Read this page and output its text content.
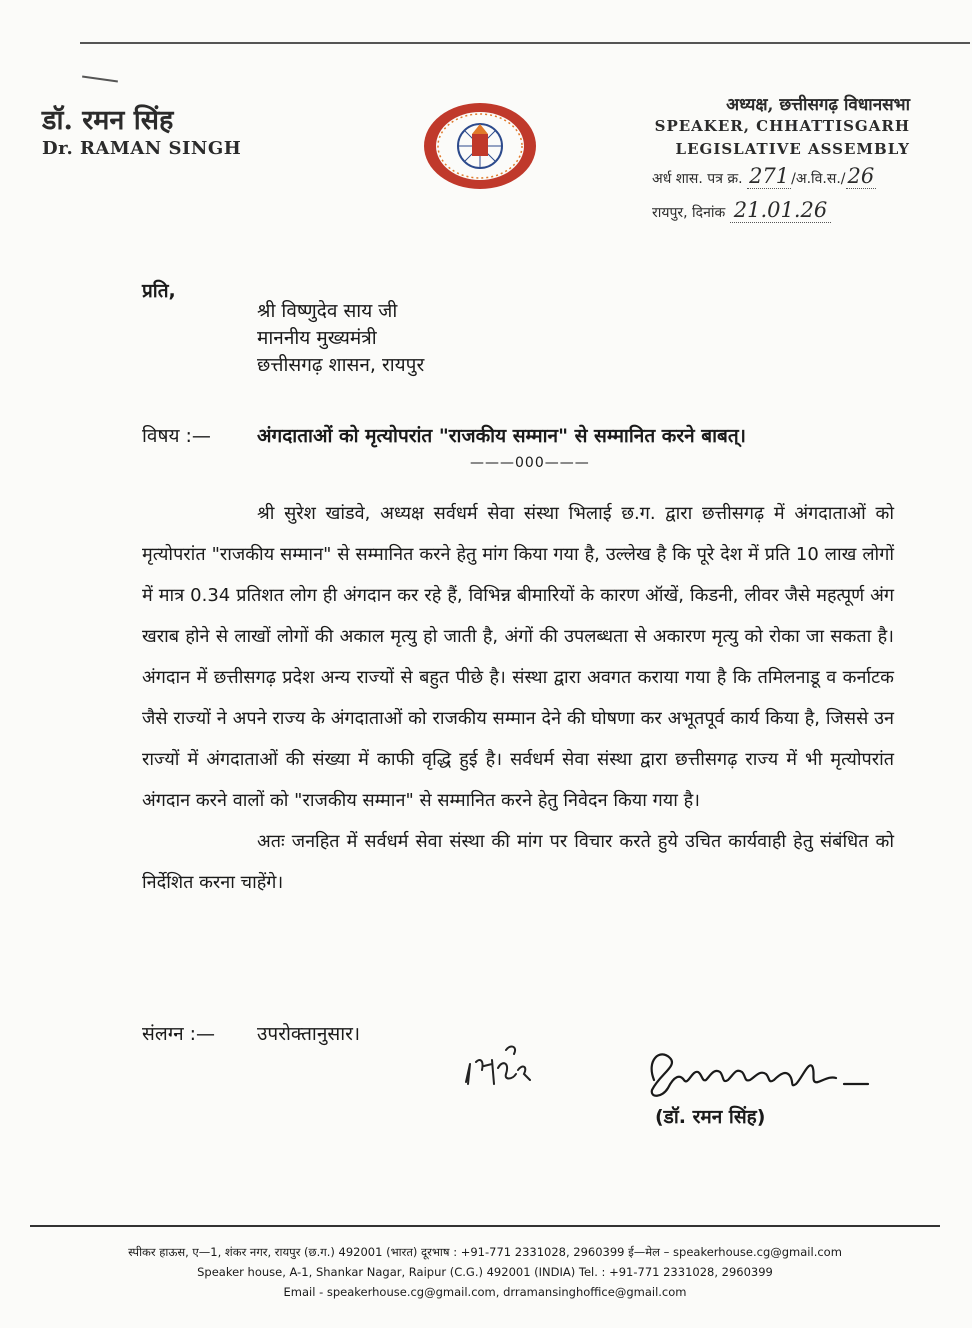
डॉ. रमन सिंह
Dr. RAMAN SINGH
अध्यक्ष, छत्तीसगढ़ विधानसभा
SPEAKER, CHHATTISGARH
LEGISLATIVE ASSEMBLY
अर्ध शास. पत्र क्र. 271 /अ.वि.स./26
रायपुर, दिनांक 21.01.26
प्रति,
श्री विष्णुदेव साय जी
माननीय मुख्यमंत्री
छत्तीसगढ़ शासन, रायपुर
विषय :— अंगदाताओं को मृत्योपरांत "राजकीय सम्मान" से सम्मानित करने बाबत्।
———000———

श्री सुरेश खांडवे, अध्यक्ष सर्वधर्म सेवा संस्था भिलाई छ.ग. द्वारा छत्तीसगढ़ में अंगदाताओं को मृत्योपरांत "राजकीय सम्मान" से सम्मानित करने हेतु मांग किया गया है, उल्लेख है कि पूरे देश में प्रति 10 लाख लोगों में मात्र 0.34 प्रतिशत लोग ही अंगदान कर रहे हैं, विभिन्न बीमारियों के कारण ऑखें, किडनी, लीवर जैसे महत्पूर्ण अंग खराब होने से लाखों लोगों की अकाल मृत्यु हो जाती है, अंगों की उपलब्धता से अकारण मृत्यु को रोका जा सकता है। अंगदान में छत्तीसगढ़ प्रदेश अन्य राज्यों से बहुत पीछे है। संस्था द्वारा अवगत कराया गया है कि तमिलनाडू व कर्नाटक जैसे राज्यों ने अपने राज्य के अंगदाताओं को राजकीय सम्मान देने की घोषणा कर अभूतपूर्व कार्य किया है, जिससे उन राज्यों में अंगदाताओं की संख्या में काफी वृद्धि हुई है। सर्वधर्म सेवा संस्था द्वारा छत्तीसगढ़ राज्य में भी मृत्योपरांत अंगदान करने वालों को "राजकीय सम्मान" से सम्मानित करने हेतु निवेदन किया गया है।

अतः जनहित में सर्वधर्म सेवा संस्था की मांग पर विचार करते हुये उचित कार्यवाही हेतु संबंधित को निर्देशित करना चाहेंगे।

संलग्न :— उपरोक्तानुसार।
(डॉ. रमन सिंह)
स्पीकर हाऊस, ए—1, शंकर नगर, रायपुर (छ.ग.) 492001 (भारत) दूरभाष : +91-771 2331028, 2960399 ई—मेल – speakerhouse.cg@gmail.com
Speaker house, A-1, Shankar Nagar, Raipur (C.G.) 492001 (INDIA) Tel. : +91-771 2331028, 2960399
Email - speakerhouse.cg@gmail.com, drramansinghoffice@gmail.com
